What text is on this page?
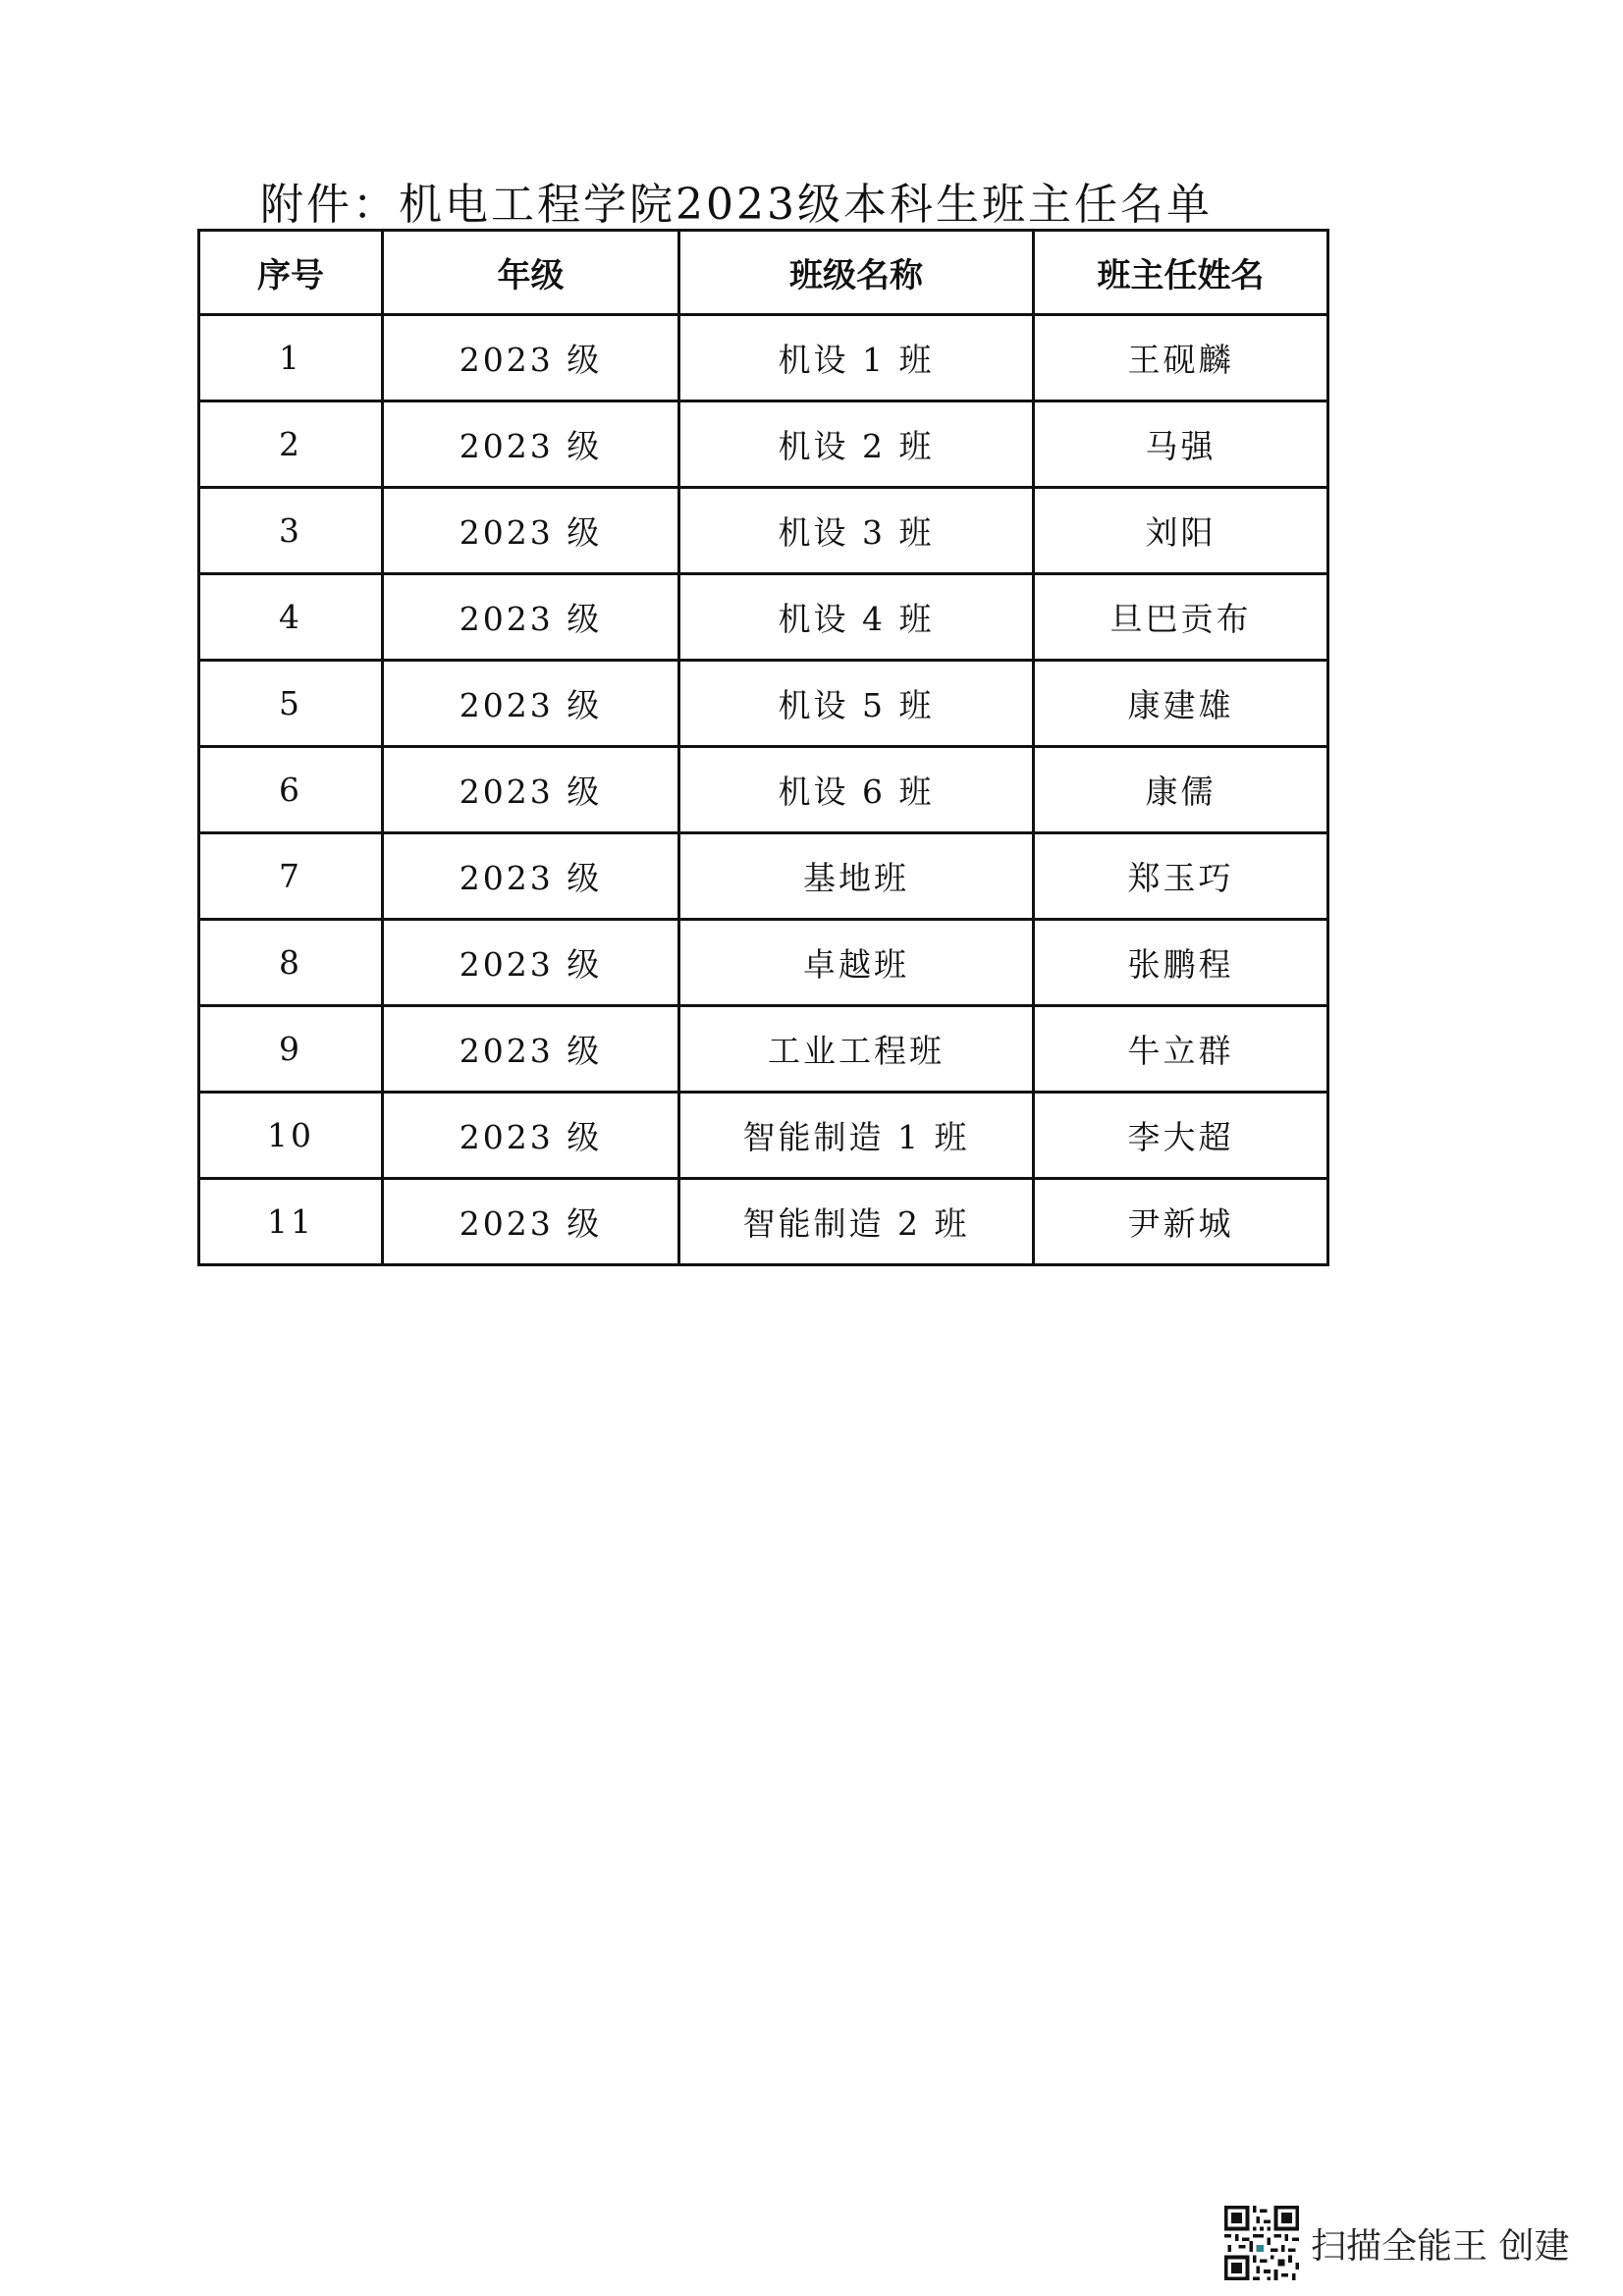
附件：机电工程学院2023级本科生班主任名单
序号	年级	班级名称	班主任姓名
1	2023 级	机设 1 班	王砚麟
2	2023 级	机设 2 班	马强
3	2023 级	机设 3 班	刘阳
4	2023 级	机设 4 班	旦巴贡布
5	2023 级	机设 5 班	康建雄
6	2023 级	机设 6 班	康儒
7	2023 级	基地班	郑玉巧
8	2023 级	卓越班	张鹏程
9	2023 级	工业工程班	牛立群
10	2023 级	智能制造 1 班	李大超
11	2023 级	智能制造 2 班	尹新城
扫描全能王 创建
